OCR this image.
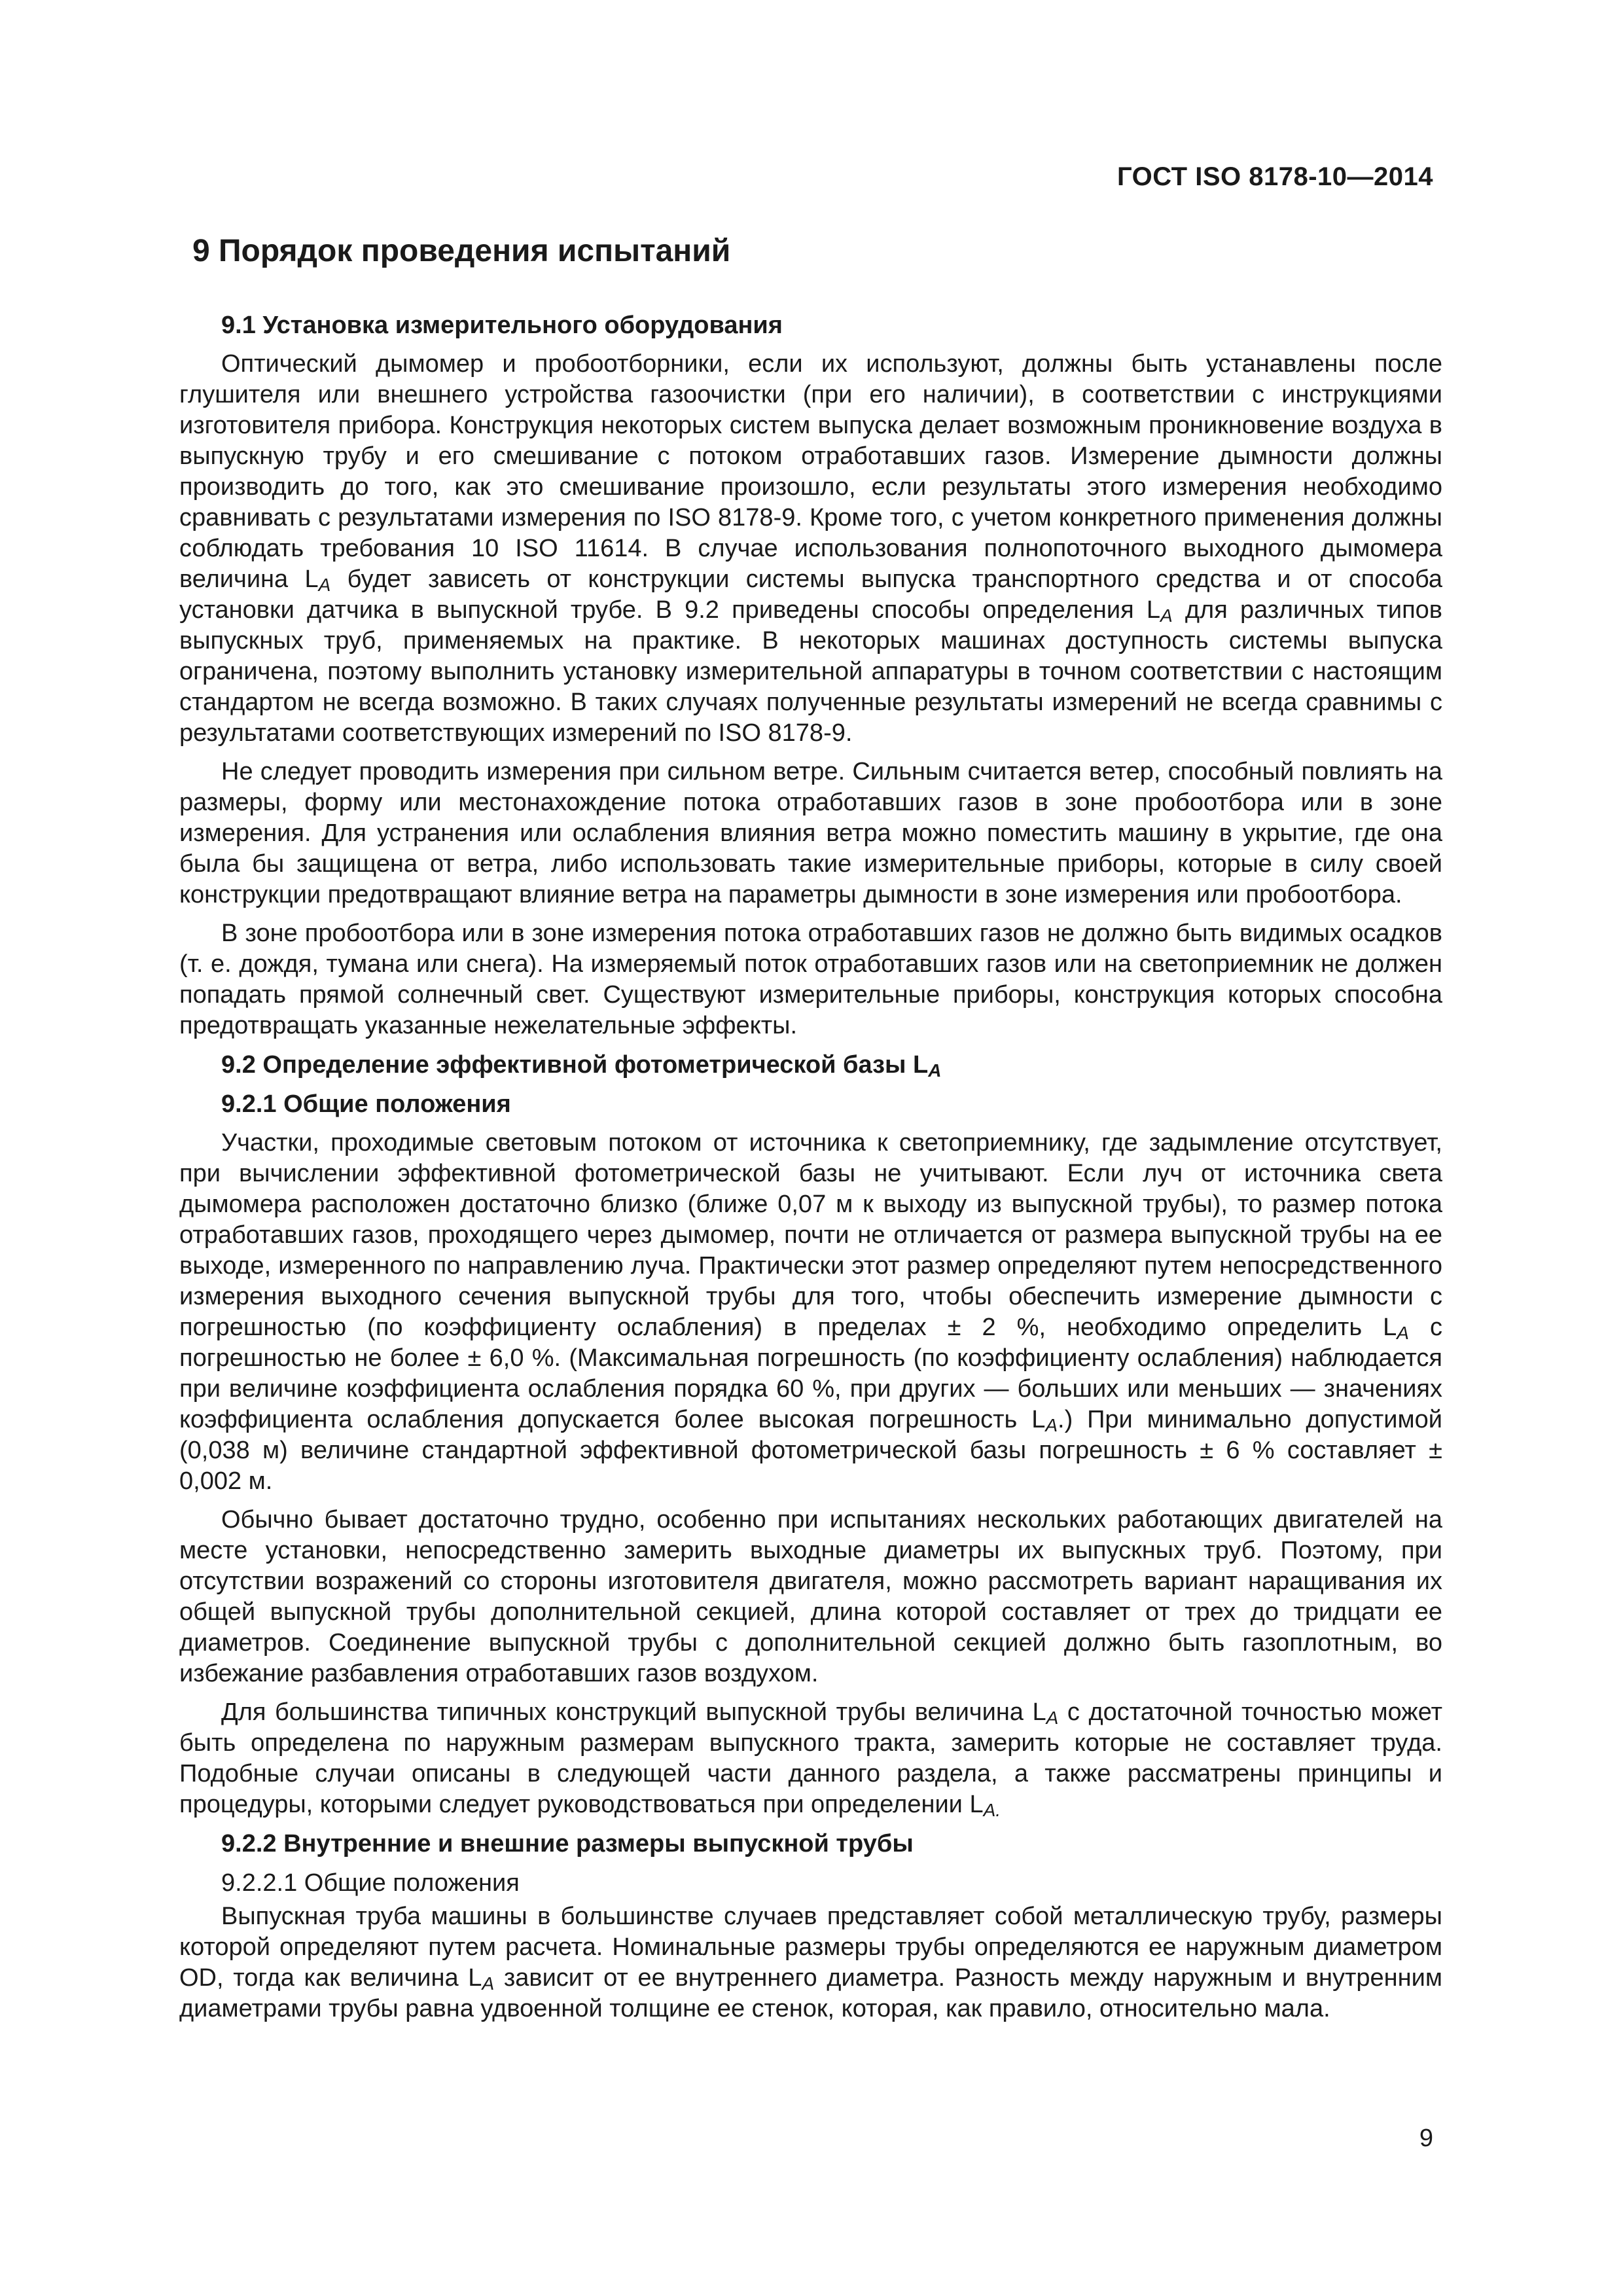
ГОСТ ISO 8178-10—2014
9 Порядок проведения испытаний
9.1 Установка измерительного оборудования
Оптический дымомер и пробоотборники, если их используют, должны быть устанавлены после глушителя или внешнего устройства газоочистки (при его наличии), в соответствии с инструкциями изготовителя прибора. Конструкция некоторых систем выпуска делает возможным проникновение воздуха в выпускную трубу и его смешивание с потоком отработавших газов. Измерение дымности должны производить до того, как это смешивание произошло, если результаты этого измерения необходимо сравнивать с результатами измерения по ISO 8178-9. Кроме того, с учетом конкретного применения должны соблюдать требования 10 ISO 11614. В случае использования полнопоточного выходного дымомера величина $L_A$ будет зависеть от конструкции системы выпуска транспортного средства и от способа установки датчика в выпускной трубе. В 9.2 приведены способы определения $L_A$ для различных типов выпускных труб, применяемых на практике. В некоторых машинах доступность системы выпуска ограничена, поэтому выполнить установку измерительной аппаратуры в точном соответствии с настоящим стандартом не всегда возможно. В таких случаях полученные результаты измерений не всегда сравнимы с результатами соответствующих измерений по ISO 8178-9.
Не следует проводить измерения при сильном ветре. Сильным считается ветер, способный повлиять на размеры, форму или местонахождение потока отработавших газов в зоне пробоотбора или в зоне измерения. Для устранения или ослабления влияния ветра можно поместить машину в укрытие, где она была бы защищена от ветра, либо использовать такие измерительные приборы, которые в силу своей конструкции предотвращают влияние ветра на параметры дымности в зоне измерения или пробоотбора.
В зоне пробоотбора или в зоне измерения потока отработавших газов не должно быть видимых осадков (т. е. дождя, тумана или снега). На измеряемый поток отработавших газов или на светоприемник не должен попадать прямой солнечный свет. Существуют измерительные приборы, конструкция которых способна предотвращать указанные нежелательные эффекты.
9.2 Определение эффективной фотометрической базы $L_A$
9.2.1 Общие положения
Участки, проходимые световым потоком от источника к светоприемнику, где задымление отсутствует, при вычислении эффективной фотометрической базы не учитывают. Если луч от источника света дымомера расположен достаточно близко (ближе 0,07 м к выходу из выпускной трубы), то размер потока отработавших газов, проходящего через дымомер, почти не отличается от размера выпускной трубы на ее выходе, измеренного по направлению луча. Практически этот размер определяют путем непосредственного измерения выходного сечения выпускной трубы для того, чтобы обеспечить измерение дымности с погрешностью (по коэффициенту ослабления) в пределах ± 2 %, необходимо определить $L_A$ с погрешностью не более ± 6,0 %. (Максимальная погрешность (по коэффициенту ослабления) наблюдается при величине коэффициента ослабления порядка 60 %, при других — больших или меньших — значениях коэффициента ослабления допускается более высокая погрешность $L_A$.) При минимально допустимой (0,038 м) величине стандартной эффективной фотометрической базы погрешность ± 6 % составляет ± 0,002 м.
Обычно бывает достаточно трудно, особенно при испытаниях нескольких работающих двигателей на месте установки, непосредственно замерить выходные диаметры их выпускных труб. Поэтому, при отсутствии возражений со стороны изготовителя двигателя, можно рассмотреть вариант наращивания их общей выпускной трубы дополнительной секцией, длина которой составляет от трех до тридцати ее диаметров. Соединение выпускной трубы с дополнительной секцией должно быть газоплотным, во избежание разбавления отработавших газов воздухом.
Для большинства типичных конструкций выпускной трубы величина $L_A$ с достаточной точностью может быть определена по наружным размерам выпускного тракта, замерить которые не составляет труда. Подобные случаи описаны в следующей части данного раздела, а также рассматрены принципы и процедуры, которыми следует руководствоваться при определении $L_{A.}$
9.2.2 Внутренние и внешние размеры выпускной трубы
9.2.2.1 Общие положения
Выпускная труба машины в большинстве случаев представляет собой металлическую трубу, размеры которой определяют путем расчета. Номинальные размеры трубы определяются ее наружным диаметром OD, тогда как величина $L_A$ зависит от ее внутреннего диаметра. Разность между наружным и внутренним диаметрами трубы равна удвоенной толщине ее стенок, которая, как правило, относительно мала.
9
